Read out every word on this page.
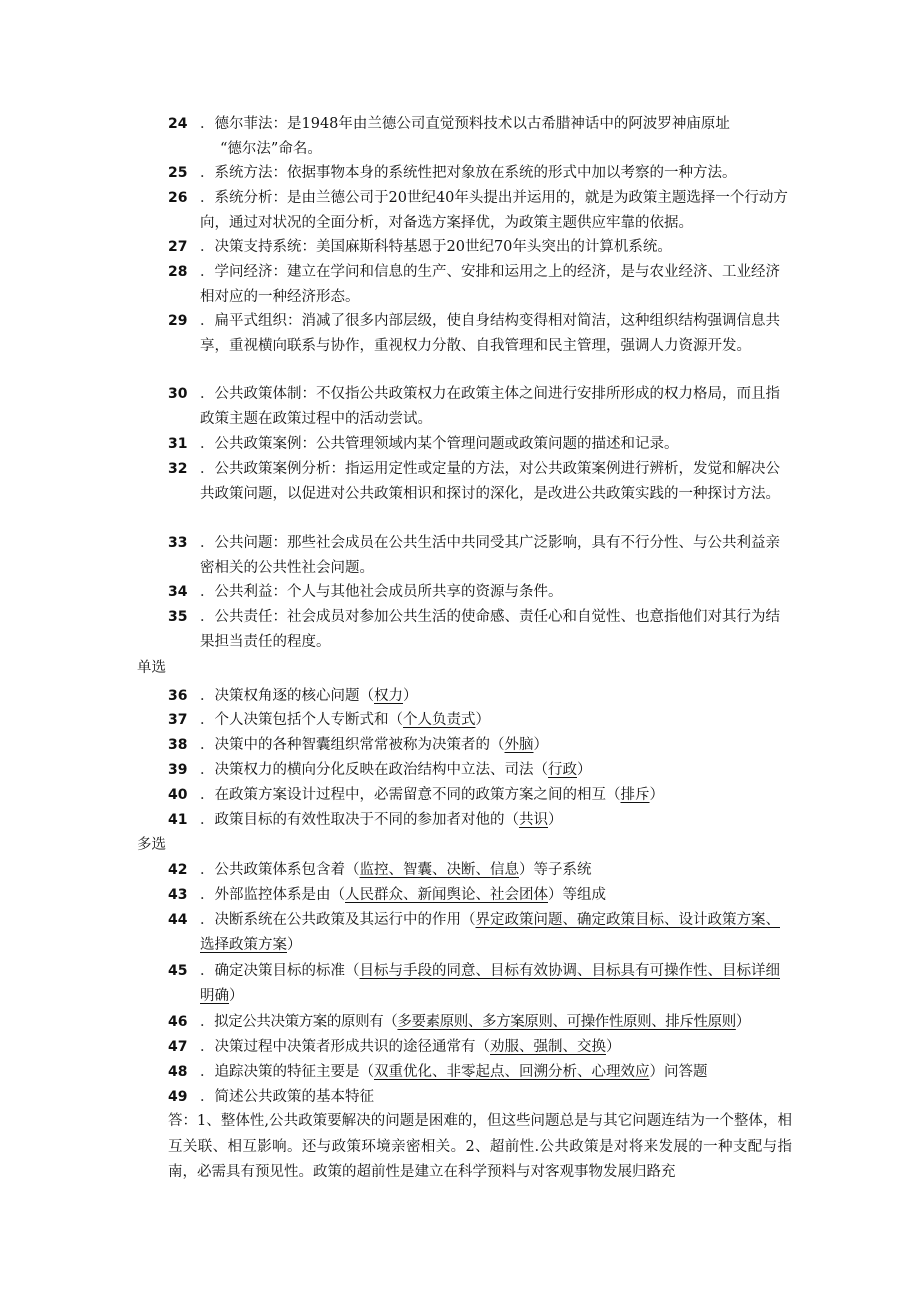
24 ．德尔菲法：是1948年由兰德公司直觉预料技术以古希腊神话中的阿波罗神庙原址
“德尔法”命名。
25 ．系统方法：依据事物本身的系统性把对象放在系统的形式中加以考察的一种方法。
26 ．系统分析：是由兰德公司于20世纪40年头提出并运用的，就是为政策主题选择一个行动方向，通过对状况的全面分析，对备选方案择优，为政策主题供应牢靠的依据。
27 ．决策支持系统：美国麻斯科特基恩于20世纪70年头突出的计算机系统。
28 ．学问经济：建立在学问和信息的生产、安排和运用之上的经济，是与农业经济、工业经济相对应的一种经济形态。
29 ．扁平式组织：消减了很多内部层级，使自身结构变得相对简洁，这种组织结构强调信息共享，重视横向联系与协作，重视权力分散、自我管理和民主管理，强调人力资源开发。
30 ．公共政策体制：不仅指公共政策权力在政策主体之间进行安排所形成的权力格局，而且指政策主题在政策过程中的活动尝试。
31 ．公共政策案例：公共管理领域内某个管理问题或政策问题的描述和记录。
32 ．公共政策案例分析：指运用定性或定量的方法，对公共政策案例进行辨析，发觉和解决公共政策问题，以促进对公共政策相识和探讨的深化，是改进公共政策实践的一种探讨方法。
33 ．公共问题：那些社会成员在公共生活中共同受其广泛影响，具有不行分性、与公共利益亲密相关的公共性社会问题。
34 ．公共利益：个人与其他社会成员所共享的资源与条件。
35 ．公共责任：社会成员对参加公共生活的使命感、责任心和自觉性、也意指他们对其行为结果担当责任的程度。
单选
36 ．决策权角逐的核心问题（权力）
37 ．个人决策包括个人专断式和（个人负责式）
38 ．决策中的各种智囊组织常常被称为决策者的（外脑）
39 ．决策权力的横向分化反映在政治结构中立法、司法（行政）
40 ．在政策方案设计过程中，必需留意不同的政策方案之间的相互（排斥）
41 ．政策目标的有效性取决于不同的参加者对他的（共识）
多选
42 ．公共政策体系包含着（监控、智囊、决断、信息）等子系统
43 ．外部监控体系是由（人民群众、新闻舆论、社会团体）等组成
44 ．决断系统在公共政策及其运行中的作用（界定政策问题、确定政策目标、设计政策方案、选择政策方案）
45 ．确定决策目标的标准（目标与手段的同意、目标有效协调、目标具有可操作性、目标详细明确）
46 ．拟定公共决策方案的原则有（多要素原则、多方案原则、可操作性原则、排斥性原则）
47 ．决策过程中决策者形成共识的途径通常有（劝服、强制、交换）
48 ．追踪决策的特征主要是（双重优化、非零起点、回溯分析、心理效应）问答题
49 ．简述公共政策的基本特征
答：1、整体性,公共政策要解决的问题是困难的，但这些问题总是与其它问题连结为一个整体，相互关联、相互影响。还与政策环境亲密相关。2、超前性.公共政策是对将来发展的一种支配与指南，必需具有预见性。政策的超前性是建立在科学预料与对客观事物发展归路充
